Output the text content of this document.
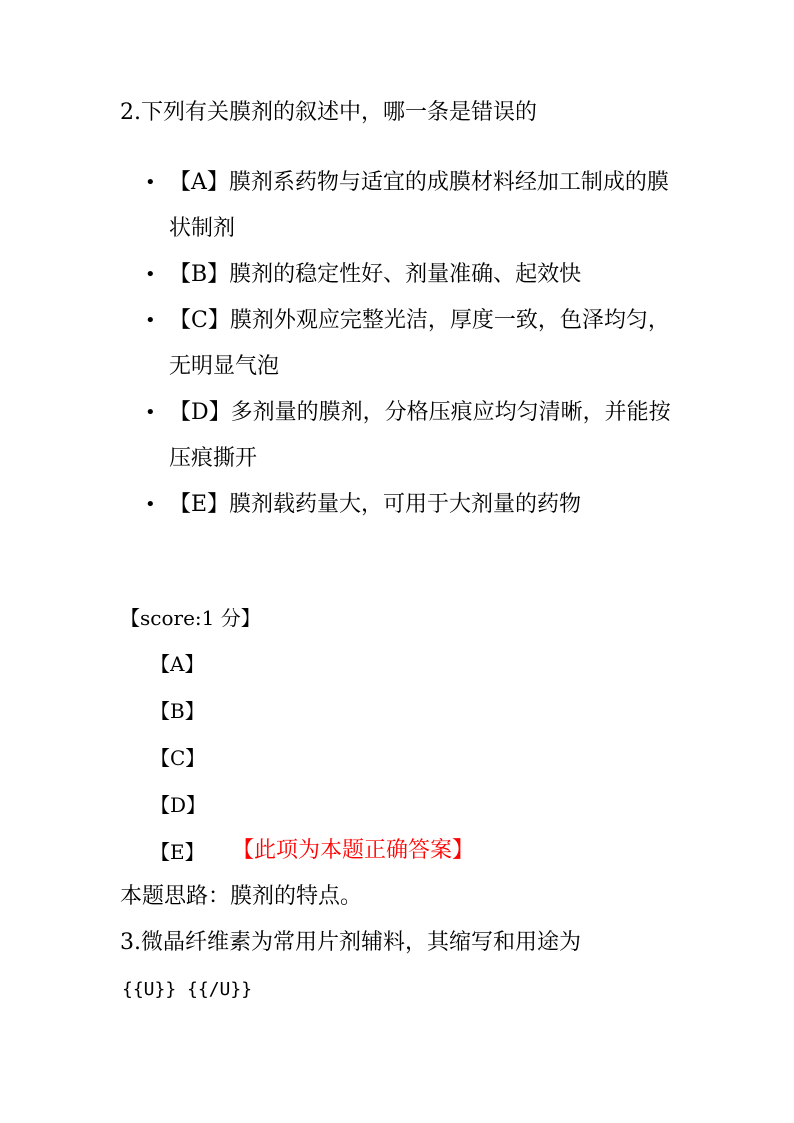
2.下列有关膜剂的叙述中，哪一条是错误的
• 【A】膜剂系药物与适宜的成膜材料经加工制成的膜状制剂
• 【B】膜剂的稳定性好、剂量准确、起效快
• 【C】膜剂外观应完整光洁，厚度一致，色泽均匀，无明显气泡
• 【D】多剂量的膜剂，分格压痕应均匀清晰，并能按压痕撕开
• 【E】膜剂载药量大，可用于大剂量的药物
【score:1 分】
【A】
【B】
【C】
【D】
【E】 【此项为本题正确答案】
本题思路：膜剂的特点。
3.微晶纤维素为常用片剂辅料，其缩写和用途为
{{U}} {{/U}}
